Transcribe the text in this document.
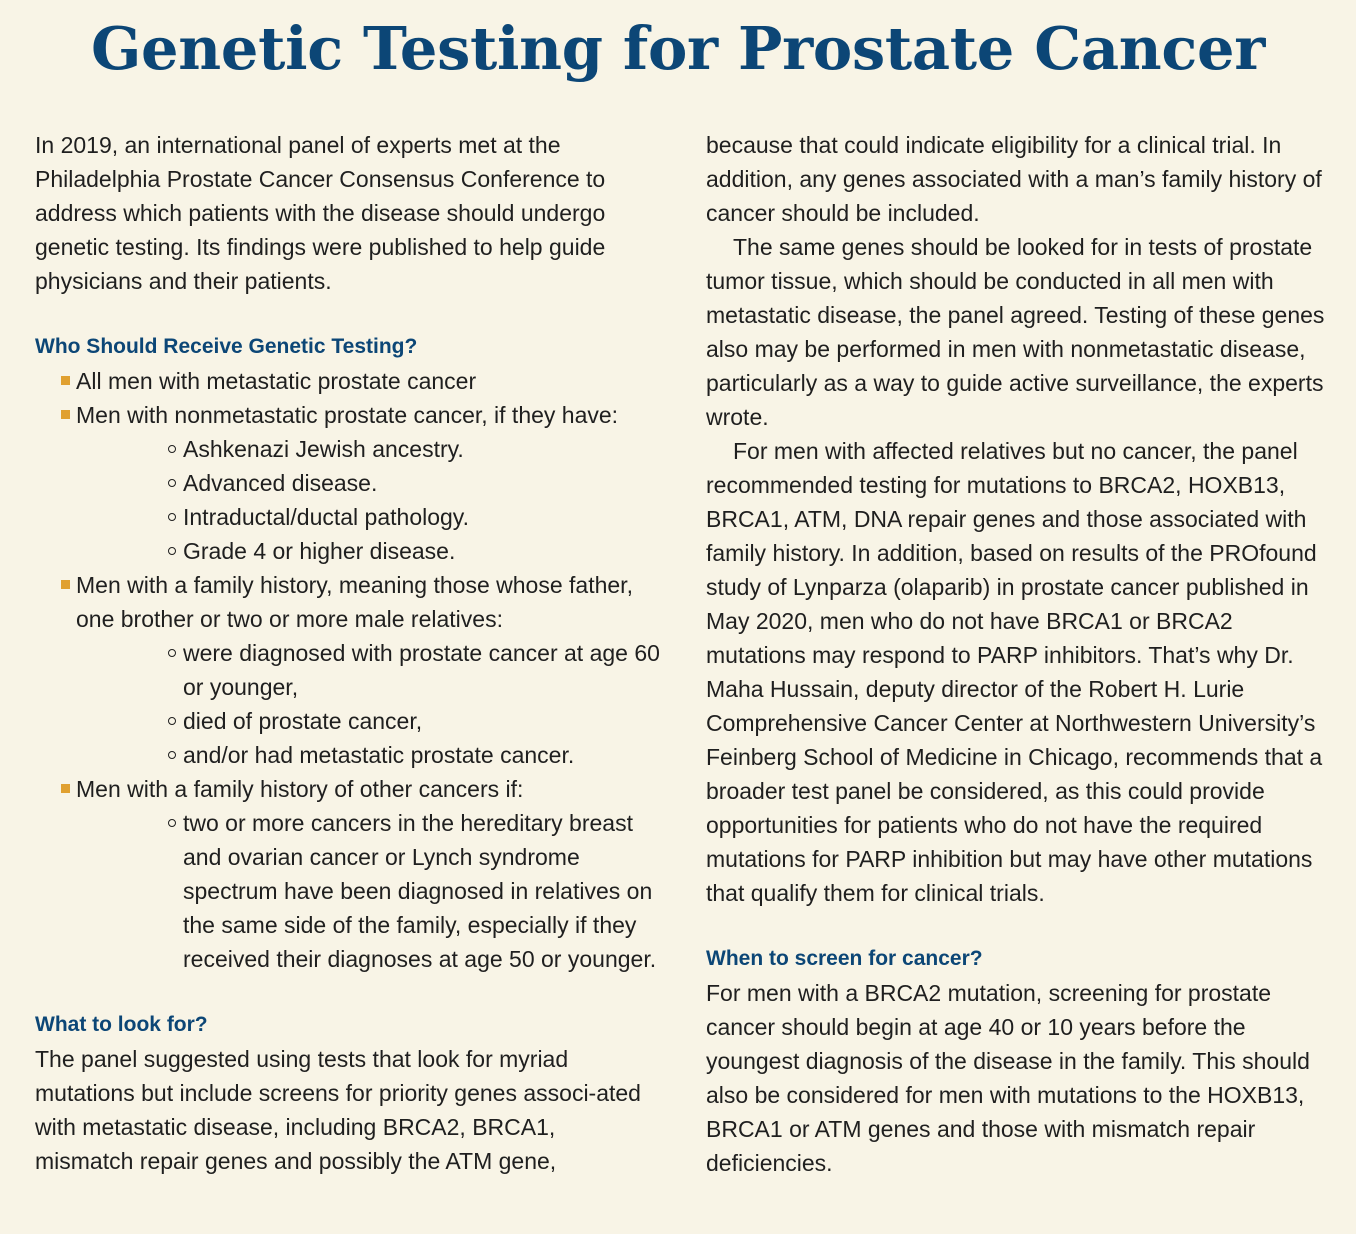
Genetic Testing for Prostate Cancer

In 2019, an international panel of experts met at the Philadelphia Prostate Cancer Consensus Conference to address which patients with the disease should undergo genetic testing. Its findings were published to help guide physicians and their patients.

Who Should Receive Genetic Testing?
All men with metastatic prostate cancer
Men with nonmetastatic prostate cancer, if they have:
Ashkenazi Jewish ancestry.
Advanced disease.
Intraductal/ductal pathology.
Grade 4 or higher disease.
Men with a family history, meaning those whose father, one brother or two or more male relatives:
were diagnosed with prostate cancer at age 60 or younger,
died of prostate cancer,
and/or had metastatic prostate cancer.
Men with a family history of other cancers if:
two or more cancers in the hereditary breast and ovarian cancer or Lynch syndrome spectrum have been diagnosed in relatives on the same side of the family, especially if they received their diagnoses at age 50 or younger.
What to look for?

The panel suggested using tests that look for myriad mutations but include screens for priority genes associ-ated with metastatic disease, including BRCA2, BRCA1, mismatch repair genes and possibly the ATM gene,

because that could indicate eligibility for a clinical trial. In addition, any genes associated with a man’s family history of cancer should be included.

The same genes should be looked for in tests of prostate tumor tissue, which should be conducted in all men with metastatic disease, the panel agreed. Testing of these genes also may be performed in men with nonmetastatic disease, particularly as a way to guide active surveillance, the experts wrote.

For men with affected relatives but no cancer, the panel recommended testing for mutations to BRCA2, HOXB13, BRCA1, ATM, DNA repair genes and those associated with family history. In addition, based on results of the PROfound study of Lynparza (olaparib) in prostate cancer published in May 2020, men who do not have BRCA1 or BRCA2 mutations may respond to PARP inhibitors. That’s why Dr. Maha Hussain, deputy director of the Robert H. Lurie Comprehensive Cancer Center at Northwestern University’s Feinberg School of Medicine in Chicago, recommends that a broader test panel be considered, as this could provide opportunities for patients who do not have the required mutations for PARP inhibition but may have other mutations that qualify them for clinical trials.

When to screen for cancer?

For men with a BRCA2 mutation, screening for prostate cancer should begin at age 40 or 10 years before the youngest diagnosis of the disease in the family. This should also be considered for men with mutations to the HOXB13, BRCA1 or ATM genes and those with mismatch repair deficiencies.
